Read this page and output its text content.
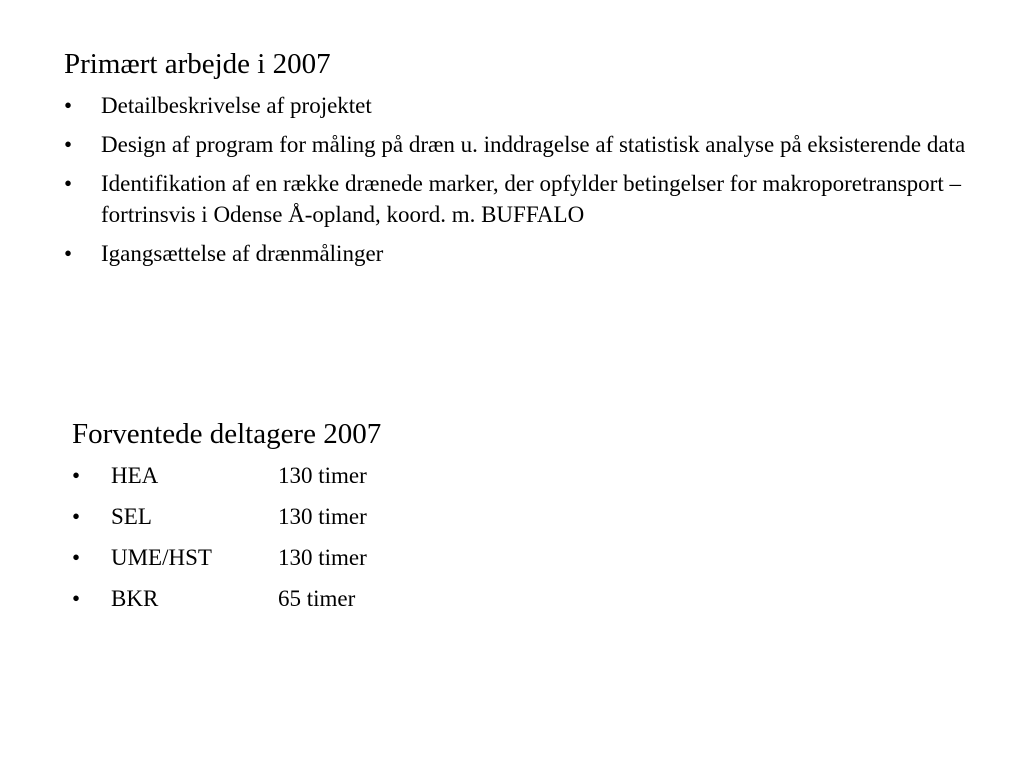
Primært arbejde i 2007
•	Detailbeskrivelse af projektet
•	Design af program for måling på dræn u. inddragelse af statistisk analyse på eksisterende data
•	Identifikation af en række drænede marker, der opfylder betingelser for makroporetransport – fortrinsvis i Odense Å-opland, koord. m. BUFFALO
•	Igangsættelse af drænmålinger
Forventede deltagere 2007
•	HEA	130 timer
•	SEL	130 timer
•	UME/HST	130 timer
•	BKR	65 timer
